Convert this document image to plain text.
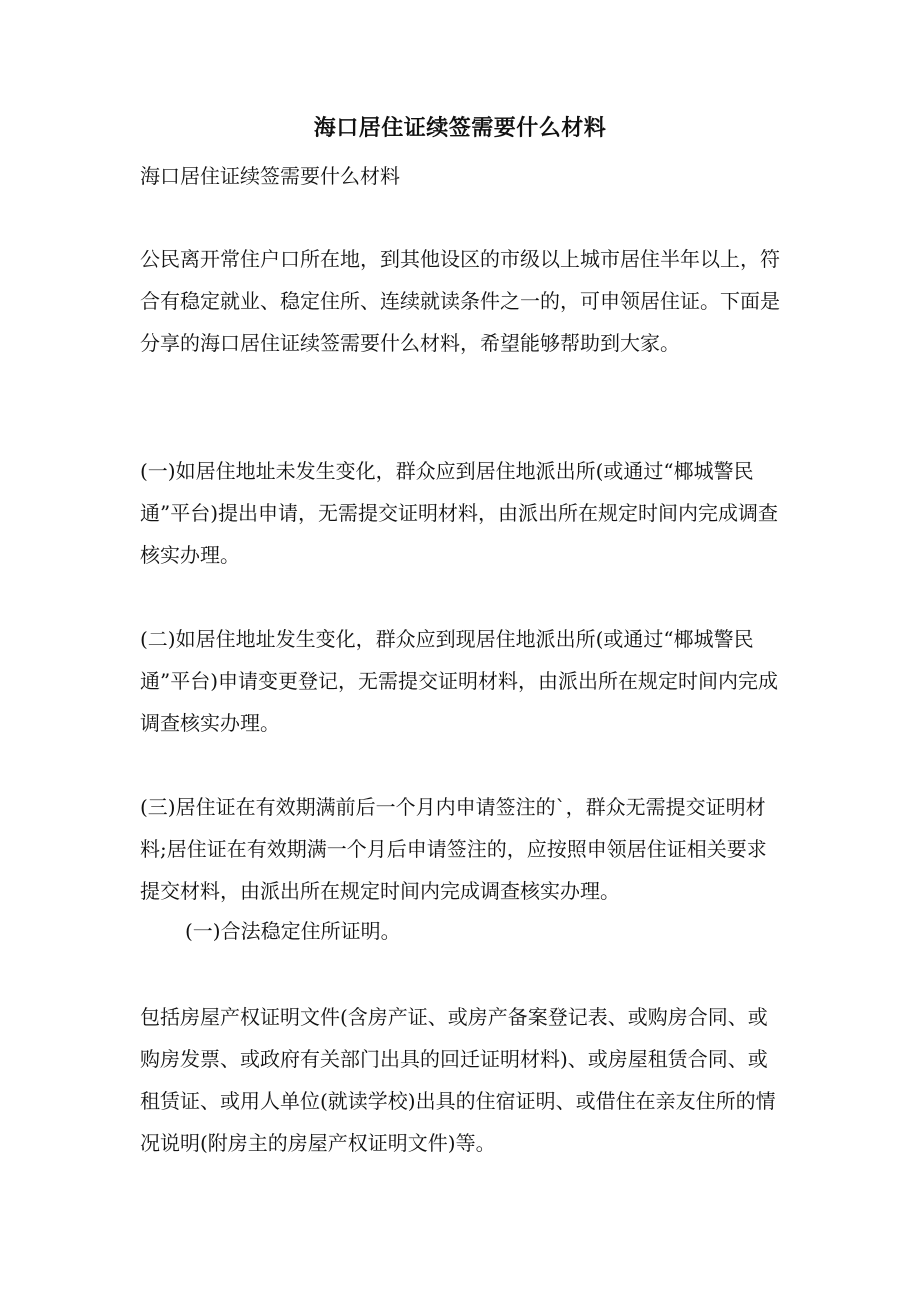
海口居住证续签需要什么材料

海口居住证续签需要什么材料

公民离开常住户口所在地，到其他设区的市级以上城市居住半年以上，符合有稳定就业、稳定住所、连续就读条件之一的，可申领居住证。下面是分享的海口居住证续签需要什么材料，希望能够帮助到大家。

(一)如居住地址未发生变化，群众应到居住地派出所(或通过“椰城警民通”平台)提出申请，无需提交证明材料，由派出所在规定时间内完成调查核实办理。

(二)如居住地址发生变化，群众应到现居住地派出所(或通过“椰城警民通”平台)申请变更登记，无需提交证明材料，由派出所在规定时间内完成调查核实办理。

(三)居住证在有效期满前后一个月内申请签注的`，群众无需提交证明材料;居住证在有效期满一个月后申请签注的，应按照申领居住证相关要求提交材料，由派出所在规定时间内完成调查核实办理。

(一)合法稳定住所证明。

包括房屋产权证明文件(含房产证、或房产备案登记表、或购房合同、或购房发票、或政府有关部门出具的回迁证明材料)、或房屋租赁合同、或租赁证、或用人单位(就读学校)出具的住宿证明、或借住在亲友住所的情况说明(附房主的房屋产权证明文件)等。
